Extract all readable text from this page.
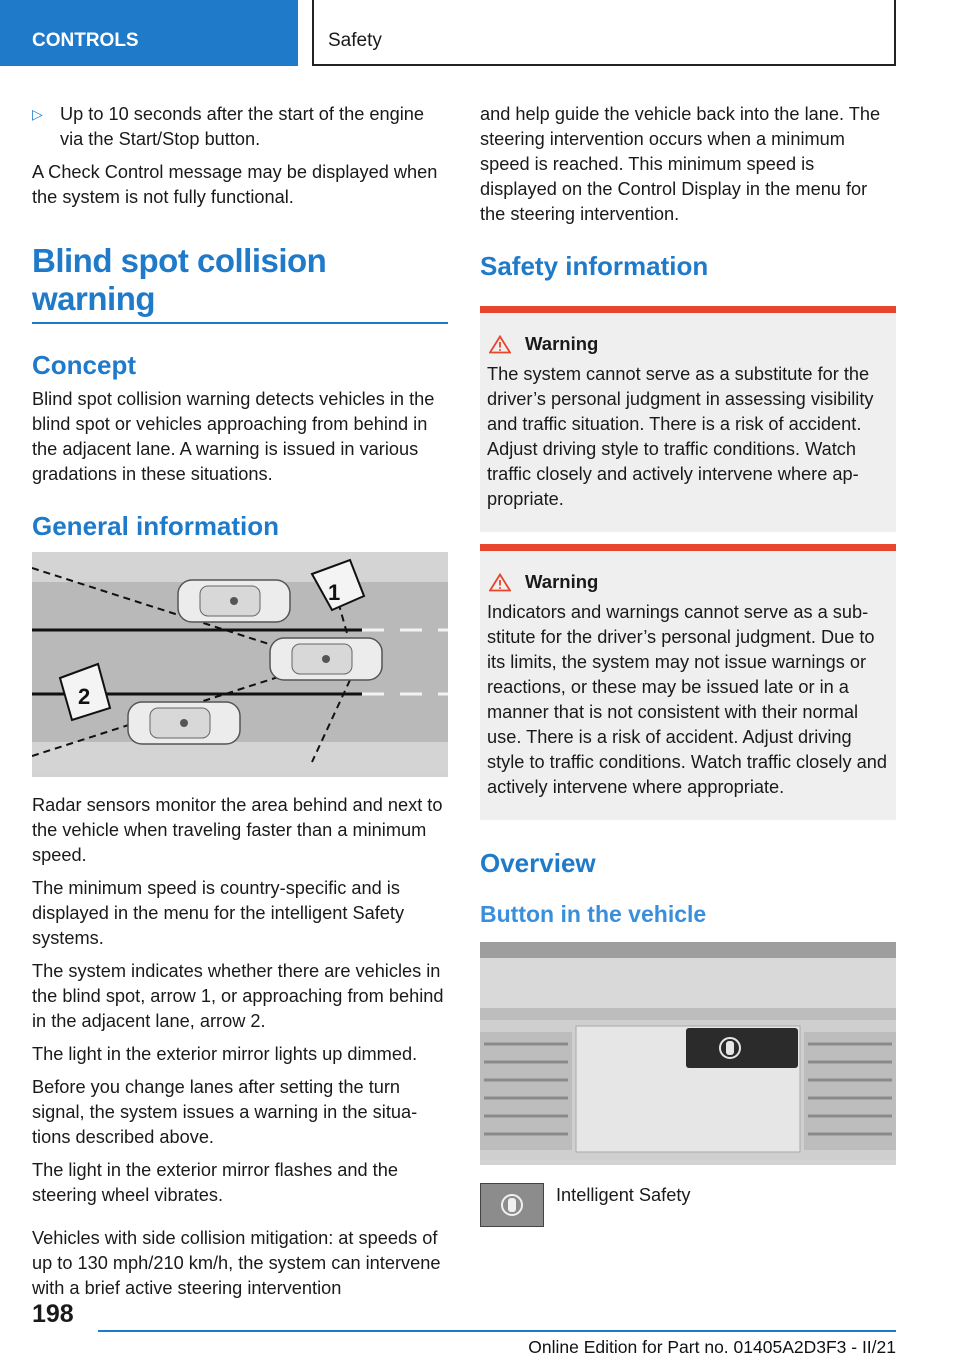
CONTROLS	Safety
▷ Up to 10 seconds after the start of the engine via the Start/Stop button.

A Check Control message may be displayed when the system is not fully functional.

Blind spot collision warning
Concept

Blind spot collision warning detects vehicles in the blind spot or vehicles approaching from behind in the adjacent lane. A warning is issued in various gradations in these situations.

General information
1
2

Radar sensors monitor the area behind and next to the vehicle when traveling faster than a minimum speed.

The minimum speed is country-specific and is displayed in the menu for the intelligent Safety systems.

The system indicates whether there are vehicles in the blind spot, arrow 1, or approaching from behind in the adjacent lane, arrow 2.

The light in the exterior mirror lights up dimmed.

Before you change lanes after setting the turn signal, the system issues a warning in the situations described above.

The light in the exterior mirror flashes and the steering wheel vibrates.

Vehicles with side collision mitigation: at speeds of up to 130 mph/210 km/h, the system can intervene with a brief active steering intervention

and help guide the vehicle back into the lane. The steering intervention occurs when a minimum speed is reached. This minimum speed is displayed on the Control Display in the menu for the steering intervention.

Safety information
Warning

The system cannot serve as a substitute for the driver’s personal judgment in assessing visibility and traffic situation. There is a risk of accident. Adjust driving style to traffic conditions. Watch traffic closely and actively intervene where appropriate.

Warning

Indicators and warnings cannot serve as a substitute for the driver’s personal judgment. Due to its limits, the system may not issue warnings or reactions, or these may be issued late or in a manner that is not consistent with their normal use. There is a risk of accident. Adjust driving style to traffic conditions. Watch traffic closely and actively intervene where appropriate.

Overview
Button in the vehicle

Intelligent Safety

198
Online Edition for Part no. 01405A2D3F3 - II/21
